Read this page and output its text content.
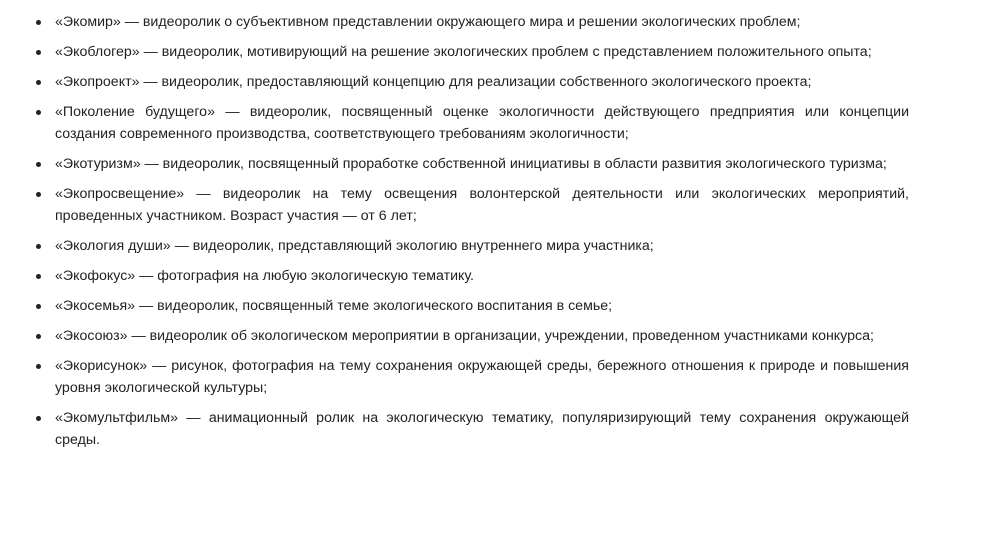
«Экомир» — видеоролик о субъективном представлении окружающего мира и решении экологических проблем;
«Экоблогер» — видеоролик, мотивирующий на решение экологических проблем с представлением положительного опыта;
«Экопроект» — видеоролик, предоставляющий концепцию для реализации собственного экологического проекта;
«Поколение будущего» — видеоролик, посвященный оценке экологичности действующего предприятия или концепции создания современного производства, соответствующего требованиям экологичности;
«Экотуризм» — видеоролик, посвященный проработке собственной инициативы в области развития экологического туризма;
«Экопросвещение» — видеоролик на тему освещения волонтерской деятельности или экологических мероприятий, проведенных участником. Возраст участия — от 6 лет;
«Экология души» — видеоролик, представляющий экологию внутреннего мира участника;
«Экофокус» — фотография на любую экологическую тематику.
«Экосемья» — видеоролик, посвященный теме экологического воспитания в семье;
«Экосоюз» — видеоролик об экологическом мероприятии в организации, учреждении, проведенном участниками конкурса;
«Экорисунок» — рисунок, фотография на тему сохранения окружающей среды, бережного отношения к природе и повышения уровня экологической культуры;
«Экомультфильм» — анимационный ролик на экологическую тематику, популяризирующий тему сохранения окружающей среды.
